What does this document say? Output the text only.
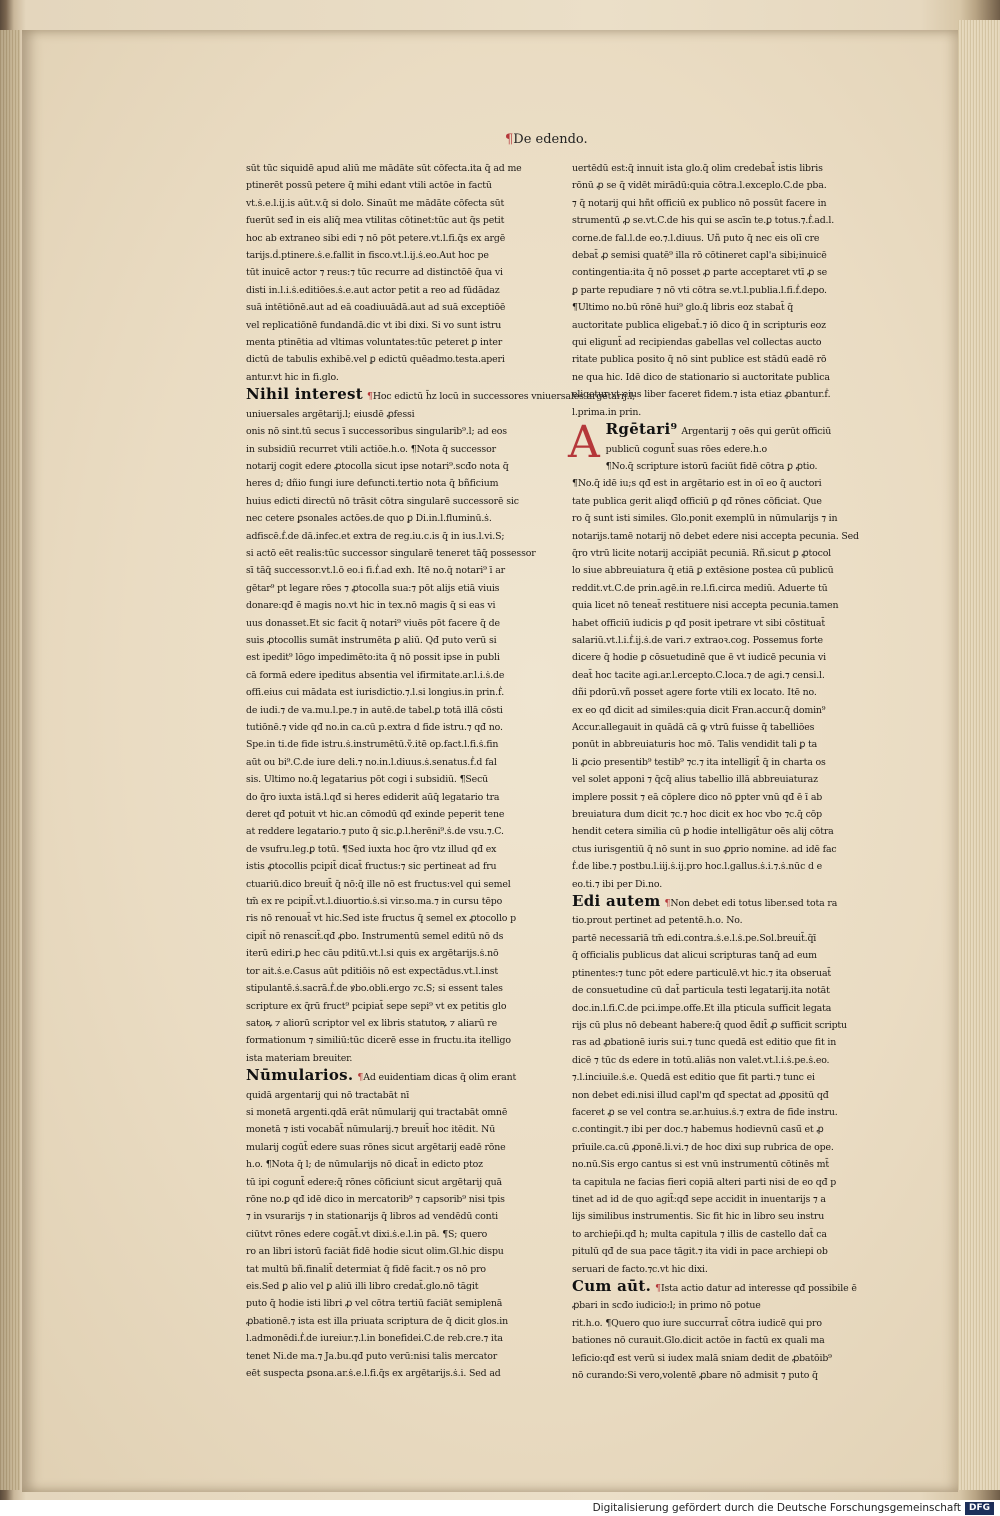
¶De edendo.
sūt tūc siquidē apud aliū me mādāte sūt cōfecta.ita q̄ ad me
ptinerēt possū petere q̄ mihi edant vtili actōe in factū
vt.ṡ.e.l.ij.is aūt.v.q̄ si dolo. Sinaūt me mādāte cōfecta sūt
fuerūt seđ in eis aliq̄ mea vtilitas cōtinet:tūc aut q̄s petit
hoc ab extraneo sibi edi ⁊ nō pōt petere.vt.l.fi.q̄s ex argē
tarijs.ḋ.ptinere.ṡ.e.fallit in fisco.vt.l.ij.ṡ.eo.Aut hoc pe
tūt inuicē actor ⁊ reus:⁊ tūc recurre ad distinctōē q̄ua vi
disti in.l.i.ṡ.editiōes.ṡ.e.aut actor petit a reo ad fūdādaz
suā intētiōnē.aut ad eā coadiuuādā.aut ad suā exceptiōē
vel replicatiōnē fundandā.dic vt ibi dixi. Si vo sunt istru
menta ptinētia ad vltimas voluntates:tūc peteret ꝑ inter
dictū de tabulis exhibē.vel ꝑ edictū quēadmo.testa.aperi
antur.vt hic in fi.glo.
Nihil interest ¶Hoc edictū h̄z locū in successores vniuersales argētarij.l;
uniuersales argētarij.l; eiusdē ꝓfessi
onis nō sint.tū secus ī successoribus singularib⁹.l; ad eos
in subsidiū recurret vtili actiōe.h.o. ¶Nota q̄ successor
notarij cogit edere ꝓtocolla sicut ipse notari⁹.scđo nota q̄
heres d; dñio fungi iure defuncti.tertio nota q̄ bñficium
huius edicti directū nō trāsit cōtra singularē successorē sic
nec cetere ꝑsonales actōes.de quo ꝑ Di.in.l.fluminū.ṡ.
adfiscē.ḟ.de dā.infec.et extra de reg.iu.c.is q̄ in ius.l.vi.S;
si actō eēt realis:tūc successor singularē teneret tāq̄ possessor
sī tāq̄ successor.vt.l.ō eo.i fi.ḟ.ad exh. Itē no.q̄ notari⁹ ī ar
gētar⁹ pt legare rōes ⁊ ꝓtocolla sua:⁊ pōt alijs etiā viuis
donare:qđ ē magis no.vt hic in tex.nō magis q̄ si eas vi
uus donasset.Et sic facit q̄ notari⁹ viuēs pōt facere q̄ de
suis ꝓtocollis sumāt instrumēta ꝑ aliū. Qđ puto verū si
est ipedit⁹ lōgo impedimēto:ita q̄ nō possit ipse in publi
cā formā edere ipeditus absentia vel ifirmitate.ar.l.i.ṡ.de
offi.eius cui mādata est iurisdictio.⁊.l.si longius.in prin.ḟ.
de iudi.⁊ de va.mu.l.pe.⁊ in autē.de tabel.ꝑ totā illā cōsti
tutiōnē.⁊ vide qđ no.in ca.cū p.extra d fide istru.⁊ qđ no.
Spe.in ti.de fide istru.ṡ.instrumētū.ṽ.itē op.fact.l.fi.ṡ.fin
aūt ou bi⁹.C.de iure deli.⁊ no.in.l.diuus.ṡ.senatus.ḟ.d fal
sis. Ultimo no.q̄ legatarius pōt cogi i subsidiū. ¶Secū
do q̄ro iuxta istā.l.qđ si heres ediderit aūq̄ legatario tra
deret qđ potuit vt hic.an cōmodū qđ exinde peperit tene
at reddere legatario.⁊ puto q̄ sic.ꝑ.l.herēni⁹.ṡ.de vsu.⁊.C.
de vsufru.leg.ꝑ totū. ¶Sed iuxta hoc q̄ro vtz illud qđ ex
istis ꝓtocollis pcipit̄ dicat̄ fructus:⁊ sic pertineat ad fru
ctuariū.dico breuit̄ q̄ nō:q̄ ille nō est fructus:vel qui semel
tm̄ ex re pcipit̄.vt.l.diuortio.ṡ.si vir.so.ma.⁊ in cursu tēpo
ris nō renouat̄ vt hic.Sed iste fructus q̄ semel ex ꝓtocollo p
cipit̄ nō renascit̄.qđ ꝓbo. Instrumentū semel editū nō ds
iterū ediri.ꝑ hec cāu pditū.vt.l.si quis ex argētarijs.ṡ.nō
tor ait.ṡ.e.Casus aūt pditiōis nō est expectādus.vt.l.inst
stipulantē.ṡ.sacrā.ḟ.de ꝟbo.obli.ergo ⁊c.S; si essent tales
scripture ex q̄rū fruct⁹ pcipiat̄ sepe sepi⁹ vt ex petitis glo
satoꝶ ⁊ aliorū scriptor vel ex libris statutoꝶ ⁊ aliarū re
formationum ⁊ similiū:tūc dicerē esse in fructu.ita itelligo
ista materiam breuiter.
Nūmularios. ¶Ad euidentiam dicas q̄ olim erant
quidā argentarij qui nō tractabāt nī
si monetā argenti.qdā erāt nūmularij qui tractabāt omnē
monetā ⁊ isti vocabāt̄ nūmularij.⁊ breuit̄ hoc itēdit. Nū
mularij cogūt̄ edere suas rōnes sicut argētarij eadē rōne
h.o. ¶Nota q̄ l; de nūmularijs nō dicat̄ in edicto ptoz
tū ipi cogunt̄ edere:q̄ rōnes cōficiunt sicut argētarij quā
rōne no.ꝑ qđ idē dico in mercatorib⁹ ⁊ capsorib⁹ nisi tpis
⁊ in vsurarijs ⁊ in stationarijs q̄ libros ad vendēdū conti
ciūtvt rōnes edere cogāt̄.vt dixi.ṡ.e.l.in pā. ¶S; quero
ro an libri istorū faciāt fidē hodie sicut olim.Gl.hic dispu
tat multū bñ.finalit̄ determiat q̄ fidē facit.⁊ os nō pro
eis.Sed ꝑ alio vel ꝑ aliū illi libro credat̄.glo.nō tāgit
puto q̄ hodie isti libri ꝓ vel cōtra tertiū faciāt semiplenā
ꝓbationē.⁊ ista est illa priuata scriptura de q̄ dicit glos.in
l.admonēdi.ḟ.de iureiur.⁊.l.in bonefidei.C.de reb.cre.⁊ ita
tenet Ni.de ma.⁊ Ja.bu.qđ puto verū:nisi talis mercator
eēt suspecta ꝑsona.ar.ṡ.e.l.fi.q̄s ex argētarijs.ṡ.i. Sed ad
uertēdū est:q̄ innuit ista glo.q̄ olim credebat̄ istis libris
rōnū ꝓ se q̄ vidēt mirādū:quia cōtra.l.exceplo.C.de pba.
⁊ q̄ notarij qui hñt officiū ex publico nō possūt facere in
strumentū ꝓ se.vt.C.de his qui se ascīn te.ꝑ totus.⁊.ḟ.ad.l.
corne.de fal.l.de eo.⁊.l.diuus. Uñ puto q̄ nec eis olī cre
debat̄ ꝓ semisi quatē⁹ illa rō cōtineret capl'a sibi;inuicē
contingentia:ita q̄ nō posset ꝓ parte acceptaret vtī ꝓ se
ꝑ parte repudiare ⁊ nō vti cōtra se.vt.l.publia.l.fi.ḟ.depo.
¶Ultimo no.bū rōnē hui⁹ glo.q̄ libris eoz stabat̄ q̄
auctoritate publica eligebat̄.⁊ iō dico q̄ in scripturis eoz
qui eligunt̄ ad recipiendas gabellas vel collectas aucto
ritate publica posito q̄ nō sint publice est stādū eadē rō
ne qua hic. Idē dico de stationario si auctoritate publica
eligetur vt eius liber faceret fidem.⁊ ista etiaz ꝓbantur.ḟ.
l.prima.in prin.
A Rgētari⁹ Argentarij ⁊ oēs qui gerūt officiū
publicū cogunt̄ suas rōes edere.h.o
¶No.q̄ scripture istorū faciūt fidē cōtra ꝑ ꝓtio.
¶No.q̄ idē iu;s qđ est in argētario est in oī eo q̄ auctori
tate publica gerit aliqđ officiū ꝑ qđ rōnes cōficiat. Que
ro q̄ sunt isti similes. Glo.ponit exemplū in nūmularijs ⁊ in
notarijs.tamē notarij nō debet edere nisi accepta pecunia. Sed
q̄ro vtrū licite notarij accipiāt pecuniā. Rñ.sicut ꝑ ꝓtocol
lo siue abbreuiatura q̄ etiā ꝑ extēsione postea cū publicū
reddit.vt.C.de prin.agē.in re.l.fi.circa mediū. Aduerte tū
quia licet nō teneat̄ restituere nisi accepta pecunia.tamen
habet officiū iudicis ꝑ qđ posit ipetrare vt sibi cōstituat̄
salariū.vt.l.i.ḟ.ij.ṡ.de vari.⁊ extraoꝛ.cog. Possemus forte
dicere q̄ hodie ꝑ cōsuetudinē que ē vt iudicē pecunia vi
deat̄ hoc tacite agi.ar.l.ercepto.C.loca.⁊ de agi.⁊ censi.l.
dñi pdorū.vñ posset agere forte vtili ex locato. Itē no.
ex eo qđ dicit ad similes:quia dicit Fran.accur.q̄ domin⁹
Accur.allegauit in quādā cā ꝙ vtrū fuisse q̄ tabelliōes
ponūt in abbreuiaturis hoc mō. Talis vendidit tali ꝑ ta
li ꝓcio presentib⁹ testib⁹ ⁊c.⁊ ita intelligit̄ q̄ in charta os
vel solet apponi ⁊ q̄cq̄ alius tabellio illā abbreuiaturaz
implere possit ⁊ eā cōplere dico nō ꝑpter vnū qđ ē ī ab
breuiatura dum dicit ⁊c.⁊ hoc dicit ex hoc vbo ⁊c.q̄ cōp
hendit cetera similia cū ꝑ hodie intelligātur oēs alij cōtra
ctus iurisgentiū q̄ nō sunt in suo ꝓprio nomine. ad idē fac
ḟ.de libe.⁊ postbu.l.iij.ṡ.ij.pro hoc.l.gallus.ṡ.i.⁊.ṡ.nūc d e
eo.ti.⁊ ibi per Di.no.
Edi autem ¶Non debet edi totus liber.sed tota ra
tio.prout pertinet ad petentē.h.o. No.
partē necessariā tm̄ edi.contra.ṡ.e.l.ṡ.pe.Sol.breuit̄.q̄ī
q̄ officialis publicus dat alicui scripturas tanq̄ ad eum
ptinentes:⁊ tunc pōt edere particulē.vt hic.⁊ ita obseruat̄
de consuetudine cū dat̄ particula testi legatarij.ita notāt
doc.in.l.fi.C.de pci.impe.offe.Et illa pticula sufficit legata
rijs cū plus nō debeant habere:q̄ quod ẽdit̄ ꝓ sufficit scriptu
ras ad ꝓbationē iuris sui.⁊ tunc quedā est editio que fit in
dicē ⁊ tūc ds edere in totū.aliās non valet.vt.l.i.ṡ.pe.ṡ.eo.
⁊.l.inciuile.ṡ.e. Quedā est editio que fit parti.⁊ tunc ei
non debet edi.nisi illud capl'm qđ spectat ad ꝓpositū qđ
faceret ꝓ se vel contra se.ar.huius.ṡ.⁊ extra de fide instru.
c.contingit.⁊ ibi per doc.⁊ habemus hodievnū casū̄ et ꝓ
prīuile.ca.cū ꝓponē.li.vi.⁊ de hoc dixi sup rubrica de ope.
no.nū.Sis ergo cantus si est vnū instrumentū cōtinēs mt̄
ta capitula ne facias fieri copiā alteri parti nisi de eo qđ p
tinet ad id de quo agit̄:qđ sepe accidit in inuentarijs ⁊ a
lijs similibus instrumentis. Sic fit hic in libro seu instru
to archiep̄i.qđ h; multa capitula ⁊ illis de castello dat̄ ca
pitulū qđ de sua pace tāgit.⁊ ita vidi in pace archiepi ob
seruari de facto.⁊c.vt hic dixi.
Cum aūt. ¶Ista actio datur ad interesse qđ possibile ē
ꝓbari in scđo iudicio:l; in primo nō potue
rit.h.o. ¶Quero quo iure succurrat̄ cōtra iudicē qui pro
bationes nō curauit.Glo.dicit actōe in factū ex quali ma
leficio:qđ est verū si iudex malā sniam dedit de ꝓbatōib⁹
nō curando:Si vero,volentē ꝓbare nō admisit ⁊ puto q̄
Digitalisierung gefördert durch die Deutsche Forschungsgemeinschaft DFG
